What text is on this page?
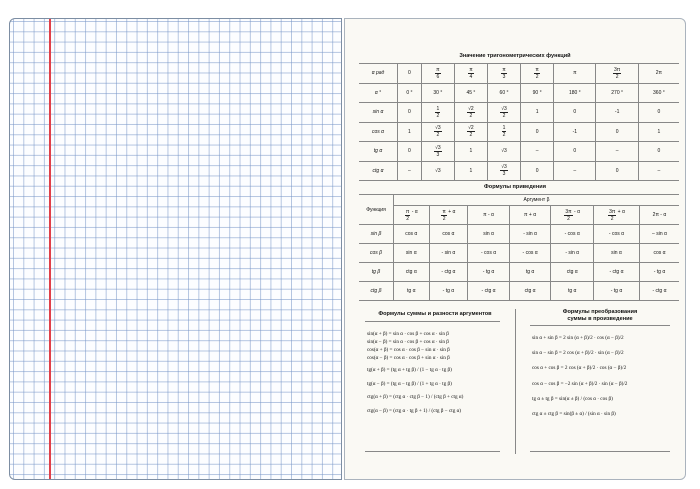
Значение тригонометрических функций
α рад	0	$\frac{\pi}{6}$	$\frac{\pi}{4}$	$\frac{\pi}{3}$	$\frac{\pi}{2}$	π	$\frac{3\pi}{2}$	2π
α °	0 °	30 °	45 °	60 °	90 °	180 °	270 °	360 °
sin α	0	$\frac{1}{2}$	$\frac{√2}{2}$	$\frac{√3}{2}$	1	0	-1	0
cos α	1	$\frac{√3}{2}$	$\frac{√2}{2}$	$\frac{1}{2}$	0	-1	0	1
tg α	0	$\frac{√3}{3}$	1	√3	–	0	–	0
ctg α	–	√3	1	$\frac{√3}{3}$	0	–	0	–
Формулы приведения
Функция	Аргумент β						

	$\frac{\pi}{2}$ - α	$\frac{\pi}{2} + \alpha$	π - α	π + α	$\frac{3\pi}{2}$ - α	$\frac{3\pi}{2} + \alpha$	2π - α
sin β	cos α	cos α	sin α	- sin α	- cos α	- cos α	– sin α
cos β	sin α	- sin α	- cos α	- cos α	- sin α	sin α	cos α
tg β	ctg α	- ctg α	- tg α	tg α	ctg α	- ctg α	- tg α
ctg β	tg α	- tg α	- ctg α	ctg α	tg α	- tg α	- ctg α
Формулы суммы и разности аргументов
sin(α + β) = sin α · cos β + cos α · sin β
sin(α − β) = sin α · cos β + cos α · sin β
cos(α + β) = cos α · cos β − sin α · sin β
cos(α − β) = cos α · cos β + sin α · sin β
tg(α + β) = (tg α + tg β) / (1 − tg α · tg β)
tg(α − β) = (tg α − tg β) / (1 + tg α · tg β)
ctg(α + β) = (ctg α · ctg β − 1) / (ctg β + ctg α)
ctg(α − β) = (ctg α · tg β + 1) / (ctg β − ctg α)
Формулы преобразования
суммы в произведение
sin α + sin β = 2 sin (α + β)/2 · cos (α − β)/2
sin α − sin β = 2 cos (α + β)/2 · sin (α − β)/2
cos α + cos β = 2 cos (α + β)/2 · cos (α − β)/2
cos α − cos β = −2 sin (α + β)/2 · sin (α − β)/2
tg α ± tg β = sin(α ± β) / (cos α · cos β)
ctg α ± ctg β = sin(β ± α) / (sin α · sin β)
